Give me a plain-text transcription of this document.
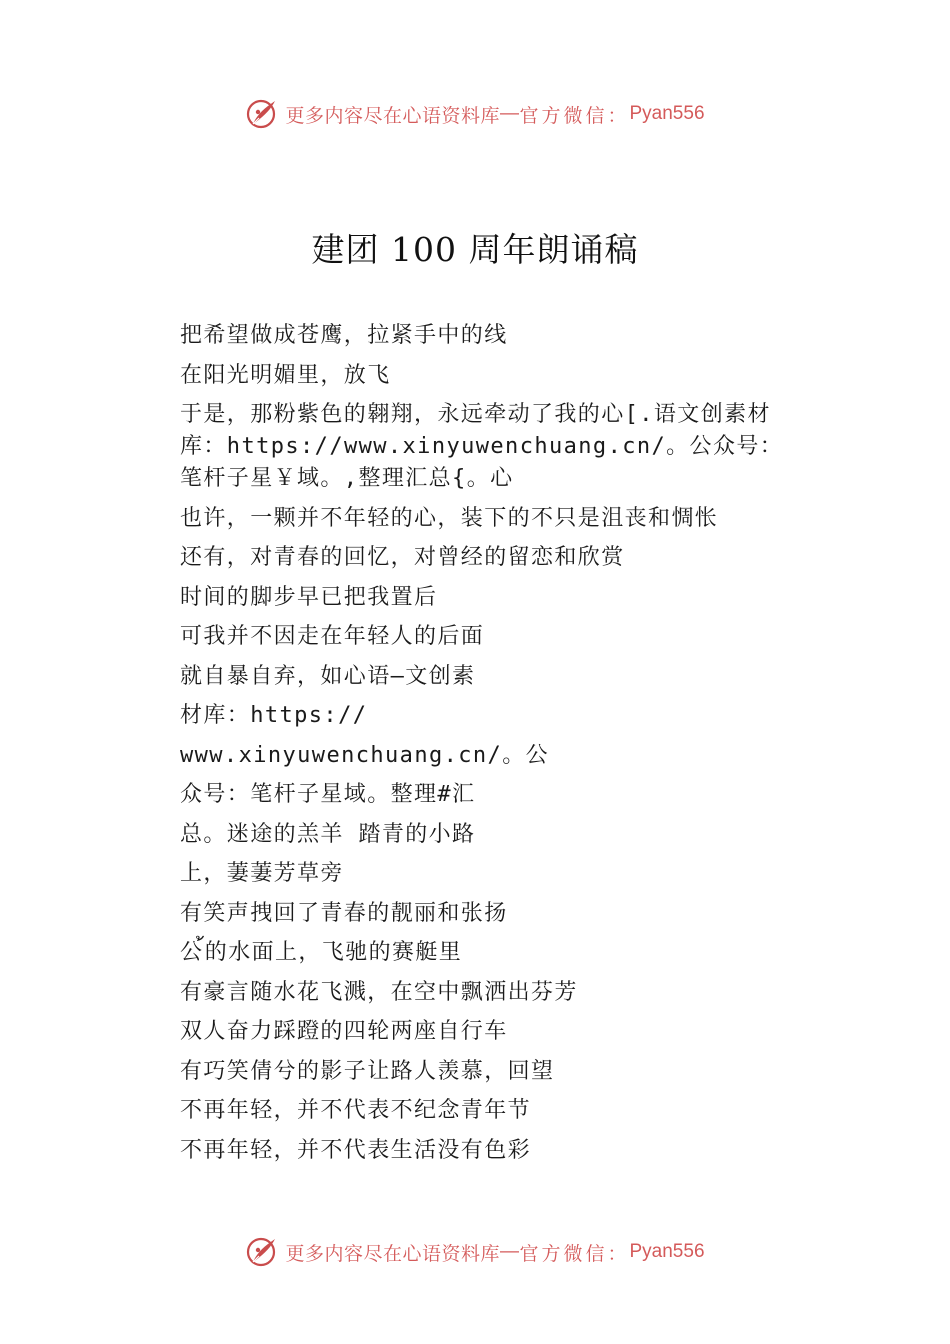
更多内容尽在心语资料库 — 官方微信： Pyan556
建团 100 周年朗诵稿
把希望做成苍鹰，拉紧手中的线
在阳光明媚里，放飞
于是，那粉紫色的翱翔，永远牵动了我的心[.语文创素材库：https://www.xinyuwenchuang.cn/。公众号：笔杆子星￥域。,整理汇总{。心
也许，一颗并不年轻的心，装下的不只是沮丧和惆怅
还有，对青春的回忆，对曾经的留恋和欣赏
时间的脚步早已把我置后
可我并不因走在年轻人的后面
就自暴自弃，如心语—文创素
材库：https://
www.xinyuwenchuang.cn/。公
众号：笔杆子星域。整理#汇
总。迷途的羔羊 踏青的小路
上，萋萋芳草旁
有笑声拽回了青春的靓丽和张扬
公้的水面上，飞驰的赛艇里
有豪言随水花飞溅，在空中飘洒出芬芳
双人奋力踩蹬的四轮两座自行车
有巧笑倩兮的影子让路人羡慕，回望
不再年轻，并不代表不纪念青年节
不再年轻，并不代表生活没有色彩
更多内容尽在心语资料库 — 官方微信： Pyan556
